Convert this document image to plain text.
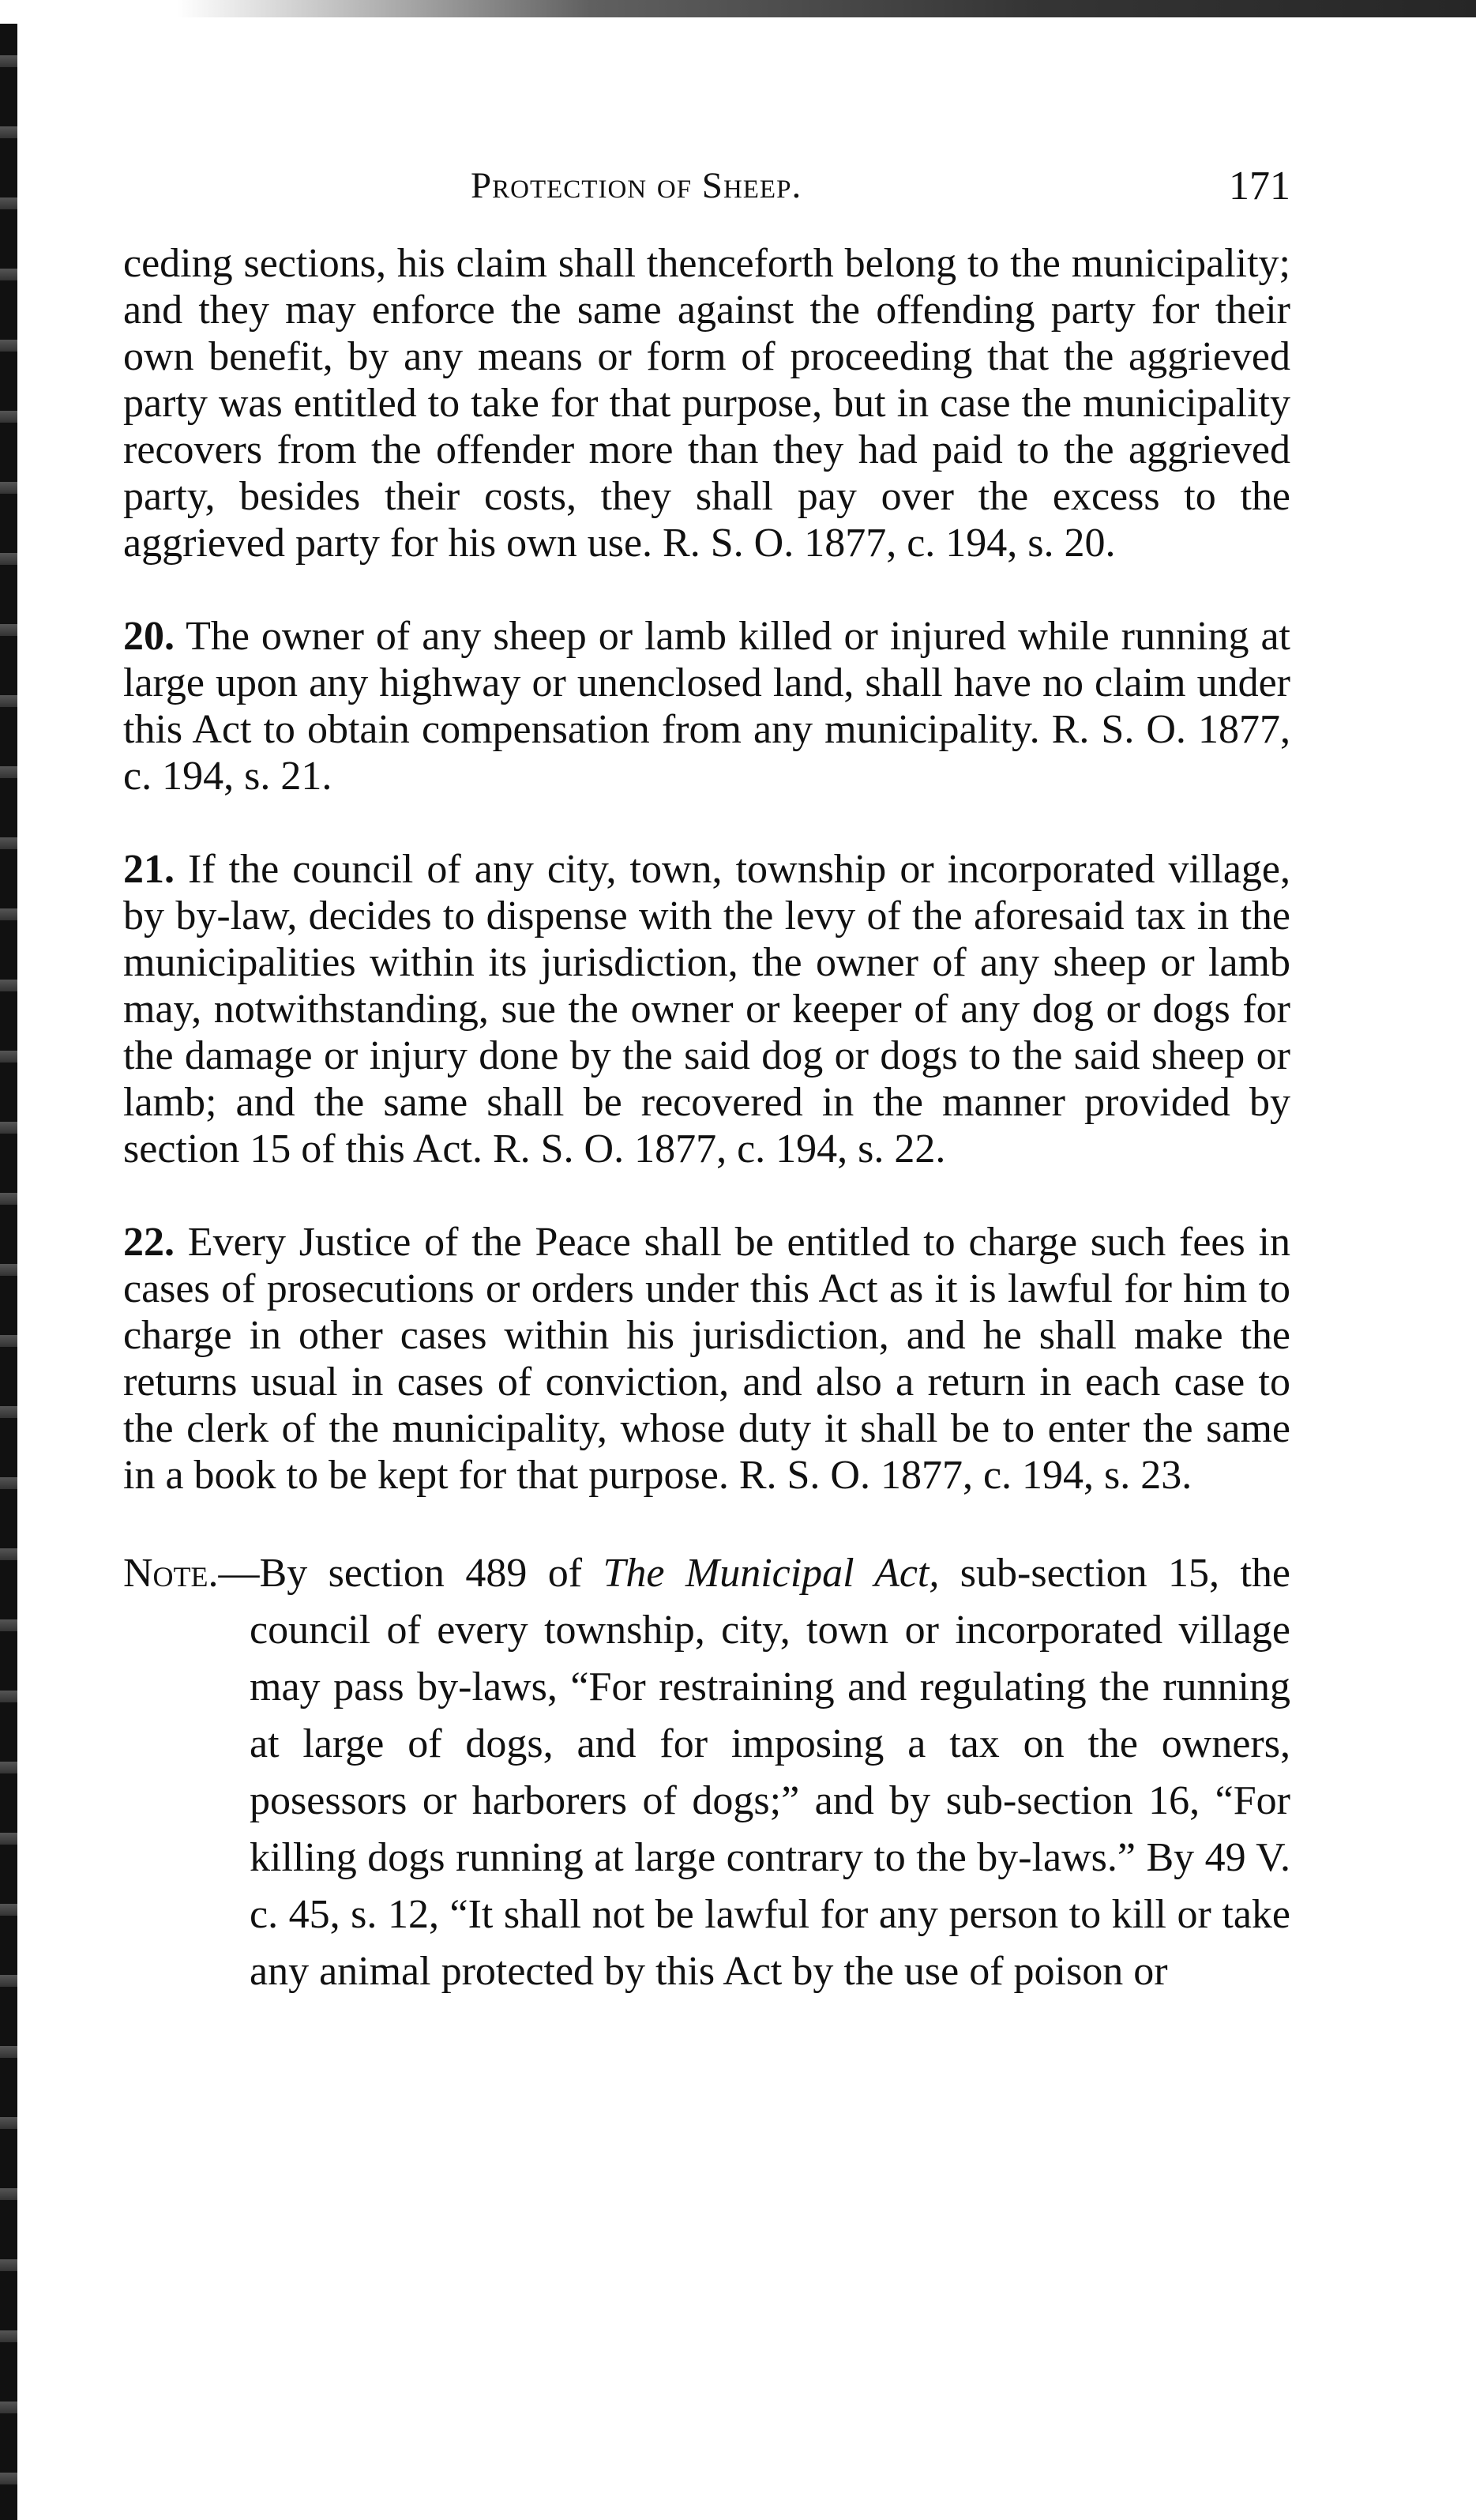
Protection of Sheep.	171

ceding sections, his claim shall thenceforth belong to the municipality; and they may enforce the same against the offending party for their own benefit, by any means or form of proceeding that the aggrieved party was entitled to take for that purpose, but in case the municipality recovers from the offender more than they had paid to the aggrieved party, besides their costs, they shall pay over the excess to the aggrieved party for his own use. R. S. O. 1877, c. 194, s. 20.

20. The owner of any sheep or lamb killed or injured while running at large upon any highway or unenclosed land, shall have no claim under this Act to obtain compensation from any municipality. R. S. O. 1877, c. 194, s. 21.

21. If the council of any city, town, township or incorporated village, by by-law, decides to dispense with the levy of the aforesaid tax in the municipalities within its jurisdiction, the owner of any sheep or lamb may, notwithstanding, sue the owner or keeper of any dog or dogs for the damage or injury done by the said dog or dogs to the said sheep or lamb; and the same shall be recovered in the manner provided by section 15 of this Act. R. S. O. 1877, c. 194, s. 22.

22. Every Justice of the Peace shall be entitled to charge such fees in cases of prosecutions or orders under this Act as it is lawful for him to charge in other cases within his jurisdiction, and he shall make the returns usual in cases of conviction, and also a return in each case to the clerk of the municipality, whose duty it shall be to enter the same in a book to be kept for that purpose. R. S. O. 1877, c. 194, s. 23.

Note.—By section 489 of The Municipal Act, sub-section 15, the council of every township, city, town or incorporated village may pass by-laws, “For restraining and regulating the running at large of dogs, and for imposing a tax on the owners, posessors or harborers of dogs;” and by sub-section 16, “For killing dogs running at large contrary to the by-laws.” By 49 V. c. 45, s. 12, “It shall not be lawful for any person to kill or take any animal protected by this Act by the use of poison or
